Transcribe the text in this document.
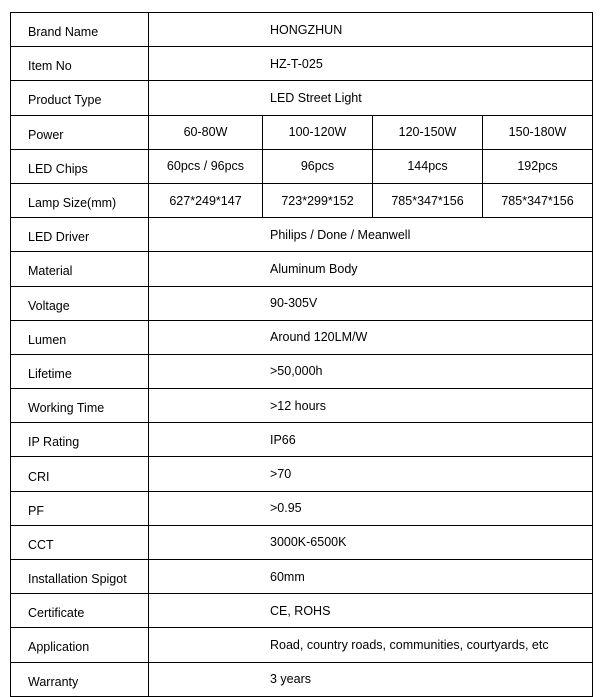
Brand Name	HONGZHUN			
Item No	HZ-T-025			
Product Type	LED Street Light			
Power	60-80W	100-120W	120-150W	150-180W
LED Chips	60pcs / 96pcs	96pcs	144pcs	192pcs
Lamp Size(mm)	627*249*147	723*299*152	785*347*156	785*347*156
LED Driver	Philips / Done / Meanwell			
Material	Aluminum Body			
Voltage	90-305V			
Lumen	Around 120LM/W			
Lifetime	>50,000h			
Working Time	>12 hours			
IP Rating	IP66			
CRI	>70			
PF	>0.95			
CCT	3000K-6500K			
Installation Spigot	60mm			
Certificate	CE, ROHS			
Application	Road, country roads, communities, courtyards, etc			
Warranty	3 years			
